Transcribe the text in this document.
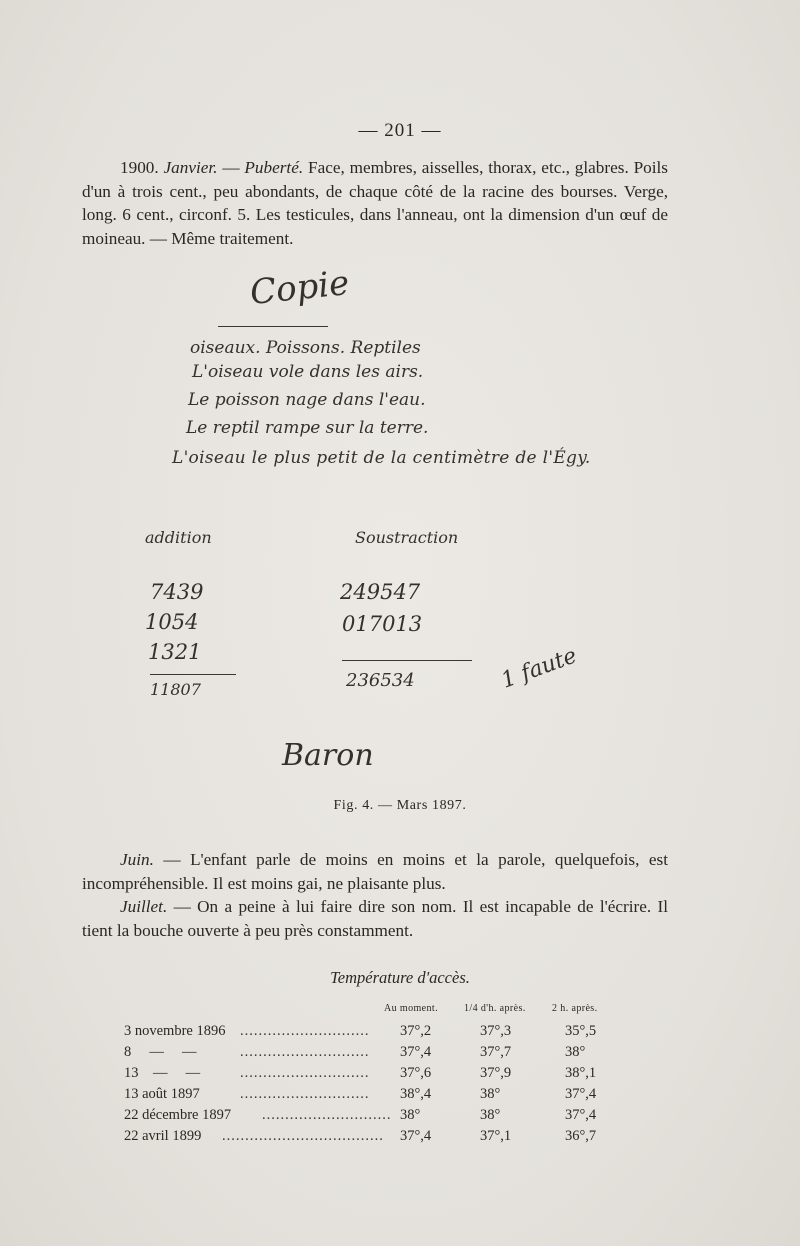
— 201 —

1900. Janvier. — Puberté. Face, membres, aisselles, thorax, etc., glabres. Poils d'un à trois cent., peu abondants, de chaque côté de la racine des bourses. Verge, long. 6 cent., circonf. 5. Les testicules, dans l'anneau, ont la dimension d'un œuf de moineau. — Même traitement.

Copie
oiseaux. Poissons. Reptiles
L'oiseau vole dans les airs.
Le poisson nage dans l'eau.
Le reptil rampe sur la terre.
L'oiseau le plus petit de la centimètre de l'Égy.
addition	Soustraction
7439
1054
1321
11807
249547
017013
236534	1 faute
Baron
Fig. 4. — Mars 1897.

Juin. — L'enfant parle de moins en moins et la parole, quelquefois, est incompréhensible. Il est moins gai, ne plaisante plus.

Juillet. — On a peine à lui faire dire son nom. Il est incapable de l'écrire. Il tient la bouche ouverte à peu près constamment.

Température d'accès.
Au moment.	1/4 d'h. après.	2 h. après.
3 novembre 1896 ............................ 37°,2	37°,3	35°,5
8     —     —	............................ 37°,4	37°,7	38°
13    —     —	............................ 37°,6	37°,9	38°,1
13 août 1897	............................ 38°,4	38°	37°,4
22 décembre 1897 ............................ 38°	38°	37°,4
22 avril 1899 ................................... 37°,4	37°,1	36°,7
